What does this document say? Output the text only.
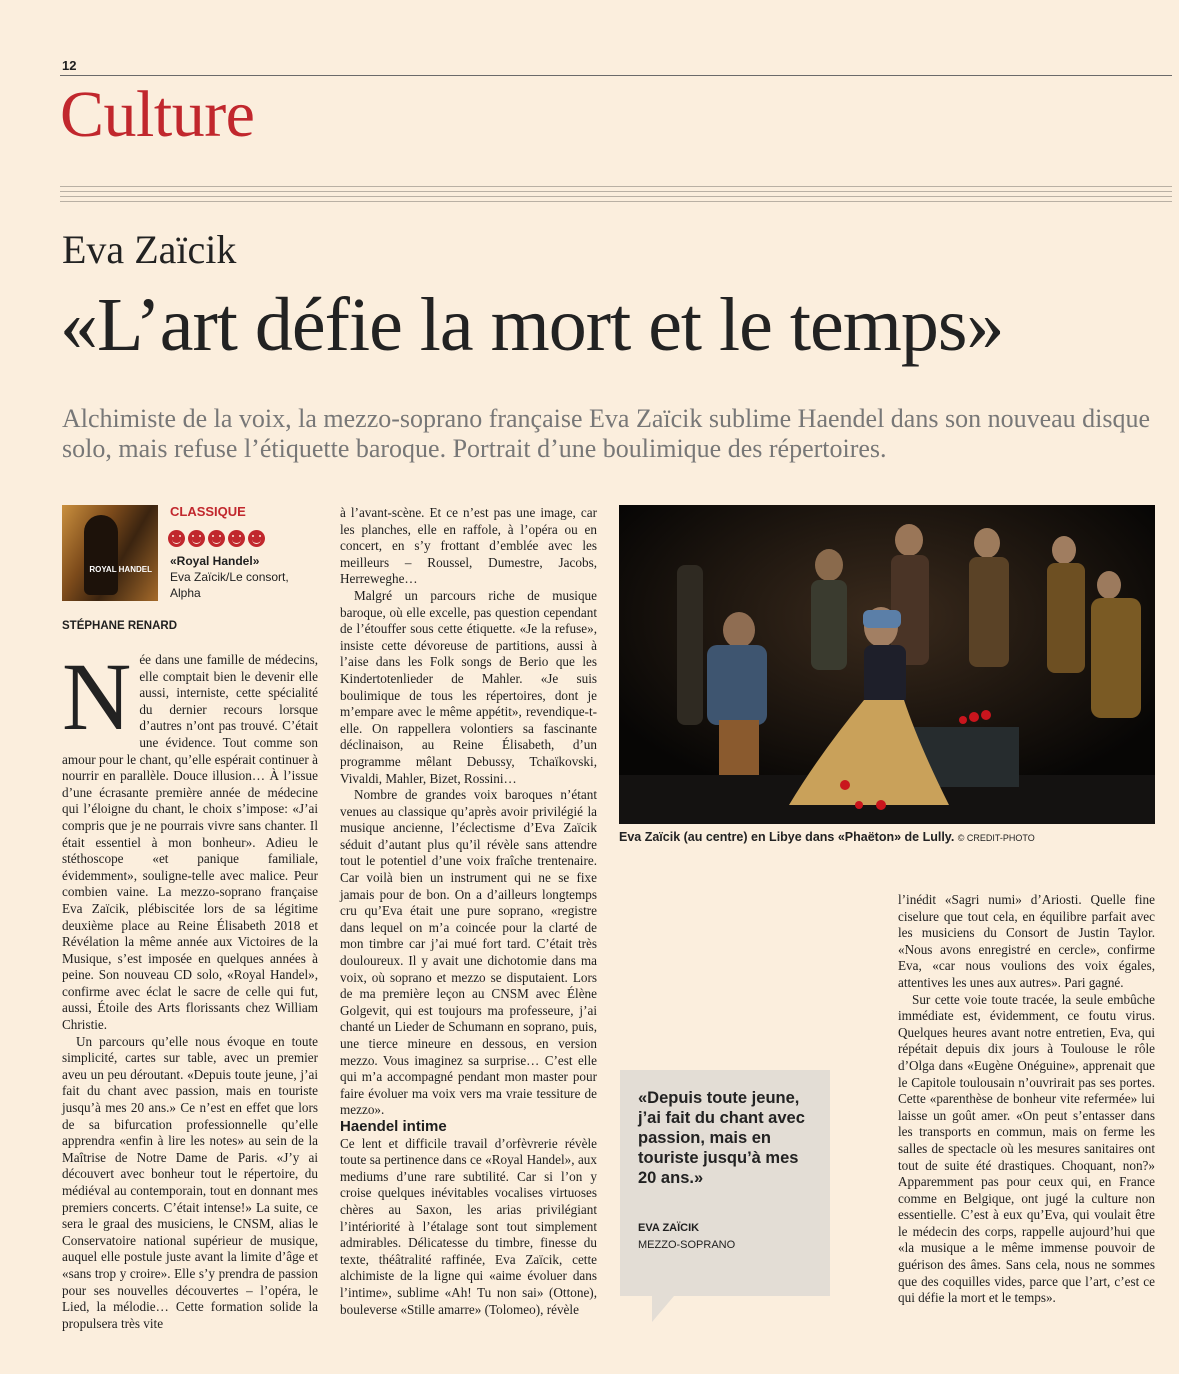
12
Culture
Eva Zaïcik
«L’art défie la mort et le temps»
Alchimiste de la voix, la mezzo-soprano française Eva Zaïcik sublime Haendel dans son nouveau disque solo, mais refuse l’étiquette baroque. Portrait d’une boulimique des répertoires.
ROYAL HANDEL
CLASSIQUE
«Royal Handel»
Eva Zaïcik/Le consort,
Alpha
STÉPHANE RENARD

Née dans une famille de médecins, elle comptait bien le devenir elle aussi, interniste, cette spécialité du dernier recours lorsque d’autres n’ont pas trouvé. C’était une évidence. Tout comme son amour pour le chant, qu’elle espérait continuer à nourrir en parallèle. Douce illusion… À l’issue d’une écrasante première année de médecine qui l’éloigne du chant, le choix s’impose: «J’ai compris que je ne pourrais vivre sans chanter. Il était essentiel à mon bonheur». Adieu le stéthoscope «et panique familiale, évidemment», souligne-telle avec malice. Peur combien vaine. La mezzo-soprano française Eva Zaïcik, plébiscitée lors de sa légitime deuxième place au Reine Élisabeth 2018 et Révélation la même année aux Victoires de la Musique, s’est imposée en quelques années à peine. Son nouveau CD solo, «Royal Handel», confirme avec éclat le sacre de celle qui fut, aussi, Étoile des Arts florissants chez William Christie.

Un parcours qu’elle nous évoque en toute simplicité, cartes sur table, avec un premier aveu un peu déroutant. «Depuis toute jeune, j’ai fait du chant avec passion, mais en touriste jusqu’à mes 20 ans.» Ce n’est en effet que lors de sa bifurcation professionnelle qu’elle apprendra «enfin à lire les notes» au sein de la Maîtrise de Notre Dame de Paris. «J’y ai découvert avec bonheur tout le répertoire, du médiéval au contemporain, tout en donnant mes premiers concerts. C’était intense!» La suite, ce sera le graal des musiciens, le CNSM, alias le Conservatoire national supérieur de musique, auquel elle postule juste avant la limite d’âge et «sans trop y croire». Elle s’y prendra de passion pour ses nouvelles découvertes – l’opéra, le Lied, la mélodie… Cette formation solide la propulsera très vite

à l’avant-scène. Et ce n’est pas une image, car les planches, elle en raffole, à l’opéra ou en concert, en s’y frottant d’emblée avec les meilleurs – Roussel, Dumestre, Jacobs, Herreweghe…

Malgré un parcours riche de musique baroque, où elle excelle, pas question cependant de l’étouffer sous cette étiquette. «Je la refuse», insiste cette dévoreuse de partitions, aussi à l’aise dans les Folk songs de Berio que les Kindertotenlieder de Mahler. «Je suis boulimique de tous les répertoires, dont je m’empare avec le même appétit», revendique-t-elle. On rappellera volontiers sa fascinante déclinaison, au Reine Élisabeth, d’un programme mêlant Debussy, Tchaïkovski, Vivaldi, Mahler, Bizet, Rossini…

Nombre de grandes voix baroques n’étant venues au classique qu’après avoir privilégié la musique ancienne, l’éclectisme d’Eva Zaïcik séduit d’autant plus qu’il révèle sans attendre tout le potentiel d’une voix fraîche trentenaire. Car voilà bien un instrument qui ne se fixe jamais pour de bon. On a d’ailleurs longtemps cru qu’Eva était une pure soprano, «registre dans lequel on m’a coincée pour la clarté de mon timbre car j’ai mué fort tard. C’était très douloureux. Il y avait une dichotomie dans ma voix, où soprano et mezzo se disputaient. Lors de ma première leçon au CNSM avec Élène Golgevit, qui est toujours ma professeure, j’ai chanté un Lieder de Schumann en soprano, puis, une tierce mineure en dessous, en version mezzo. Vous imaginez sa surprise… C’est elle qui m’a accompagné pendant mon master pour faire évoluer ma voix vers ma vraie tessiture de mezzo».

Haendel intime

Ce lent et difficile travail d’orfèvrerie révèle toute sa pertinence dans ce «Royal Handel», aux mediums d’une rare subtilité. Car si l’on y croise quelques inévitables vocalises virtuoses chères au Saxon, les arias privilégiant l’intériorité à l’étalage sont tout simplement admirables. Délicatesse du timbre, finesse du texte, théâtralité raffinée, Eva Zaïcik, cette alchimiste de la ligne qui «aime évoluer dans l’intime», sublime «Ah! Tu non sai» (Ottone), bouleverse «Stille amarre» (Tolomeo), révèle

Eva Zaïcik (au centre) en Libye dans «Phaëton» de Lully. © CREDIT-PHOTO
«Depuis toute jeune, j’ai fait du chant avec passion, mais en touriste jusqu’à mes 20 ans.»
EVA ZAÏCIK
MEZZO-SOPRANO

l’inédit «Sagri numi» d’Ariosti. Quelle fine ciselure que tout cela, en équilibre parfait avec les musiciens du Consort de Justin Taylor. «Nous avons enregistré en cercle», confirme Eva, «car nous voulions des voix égales, attentives les unes aux autres». Pari gagné.

Sur cette voie toute tracée, la seule embûche immédiate est, évidemment, ce foutu virus. Quelques heures avant notre entretien, Eva, qui répétait depuis dix jours à Toulouse le rôle d’Olga dans «Eugène Onéguine», apprenait que le Capitole toulousain n’ouvrirait pas ses portes. Cette «parenthèse de bonheur vite refermée» lui laisse un goût amer. «On peut s’entasser dans les transports en commun, mais on ferme les salles de spectacle où les mesures sanitaires ont tout de suite été drastiques. Choquant, non?» Apparemment pas pour ceux qui, en France comme en Belgique, ont jugé la culture non essentielle. C’est à eux qu’Eva, qui voulait être le médecin des corps, rappelle aujourd’hui que «la musique a le même immense pouvoir de guérison des âmes. Sans cela, nous ne sommes que des coquilles vides, parce que l’art, c’est ce qui défie la mort et le temps».
